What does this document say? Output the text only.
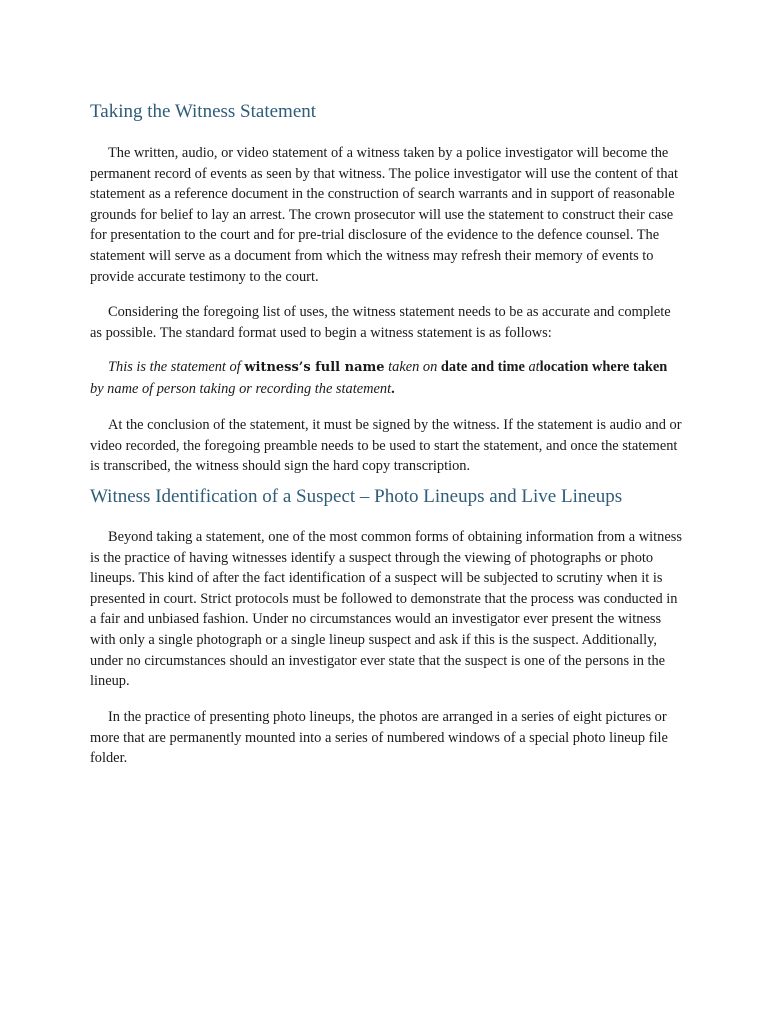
Taking the Witness Statement

The written, audio, or video statement of a witness taken by a police investigator will become the permanent record of events as seen by that witness. The police investigator will use the content of that statement as a reference document in the construction of search warrants and in support of reasonable grounds for belief to lay an arrest. The crown prosecutor will use the statement to construct their case for presentation to the court and for pre-trial disclosure of the evidence to the defence counsel. The statement will serve as a document from which the witness may refresh their memory of events to provide accurate testimony to the court.

Considering the foregoing list of uses, the witness statement needs to be as accurate and complete as possible. The standard format used to begin a witness statement is as follows:

This is the statement of witness’s full name taken on date and time atlocation where taken by name of person taking or recording the statement.

At the conclusion of the statement, it must be signed by the witness. If the statement is audio and or video recorded, the foregoing preamble needs to be used to start the statement, and once the statement is transcribed, the witness should sign the hard copy transcription.

Witness Identification of a Suspect – Photo Lineups and Live Lineups

Beyond taking a statement, one of the most common forms of obtaining information from a witness is the practice of having witnesses identify a suspect through the viewing of photographs or photo lineups. This kind of after the fact identification of a suspect will be subjected to scrutiny when it is presented in court. Strict protocols must be followed to demonstrate that the process was conducted in a fair and unbiased fashion. Under no circumstances would an investigator ever present the witness with only a single photograph or a single lineup suspect and ask if this is the suspect. Additionally, under no circumstances should an investigator ever state that the suspect is one of the persons in the lineup.

In the practice of presenting photo lineups, the photos are arranged in a series of eight pictures or more that are permanently mounted into a series of numbered windows of a special photo lineup file folder.
